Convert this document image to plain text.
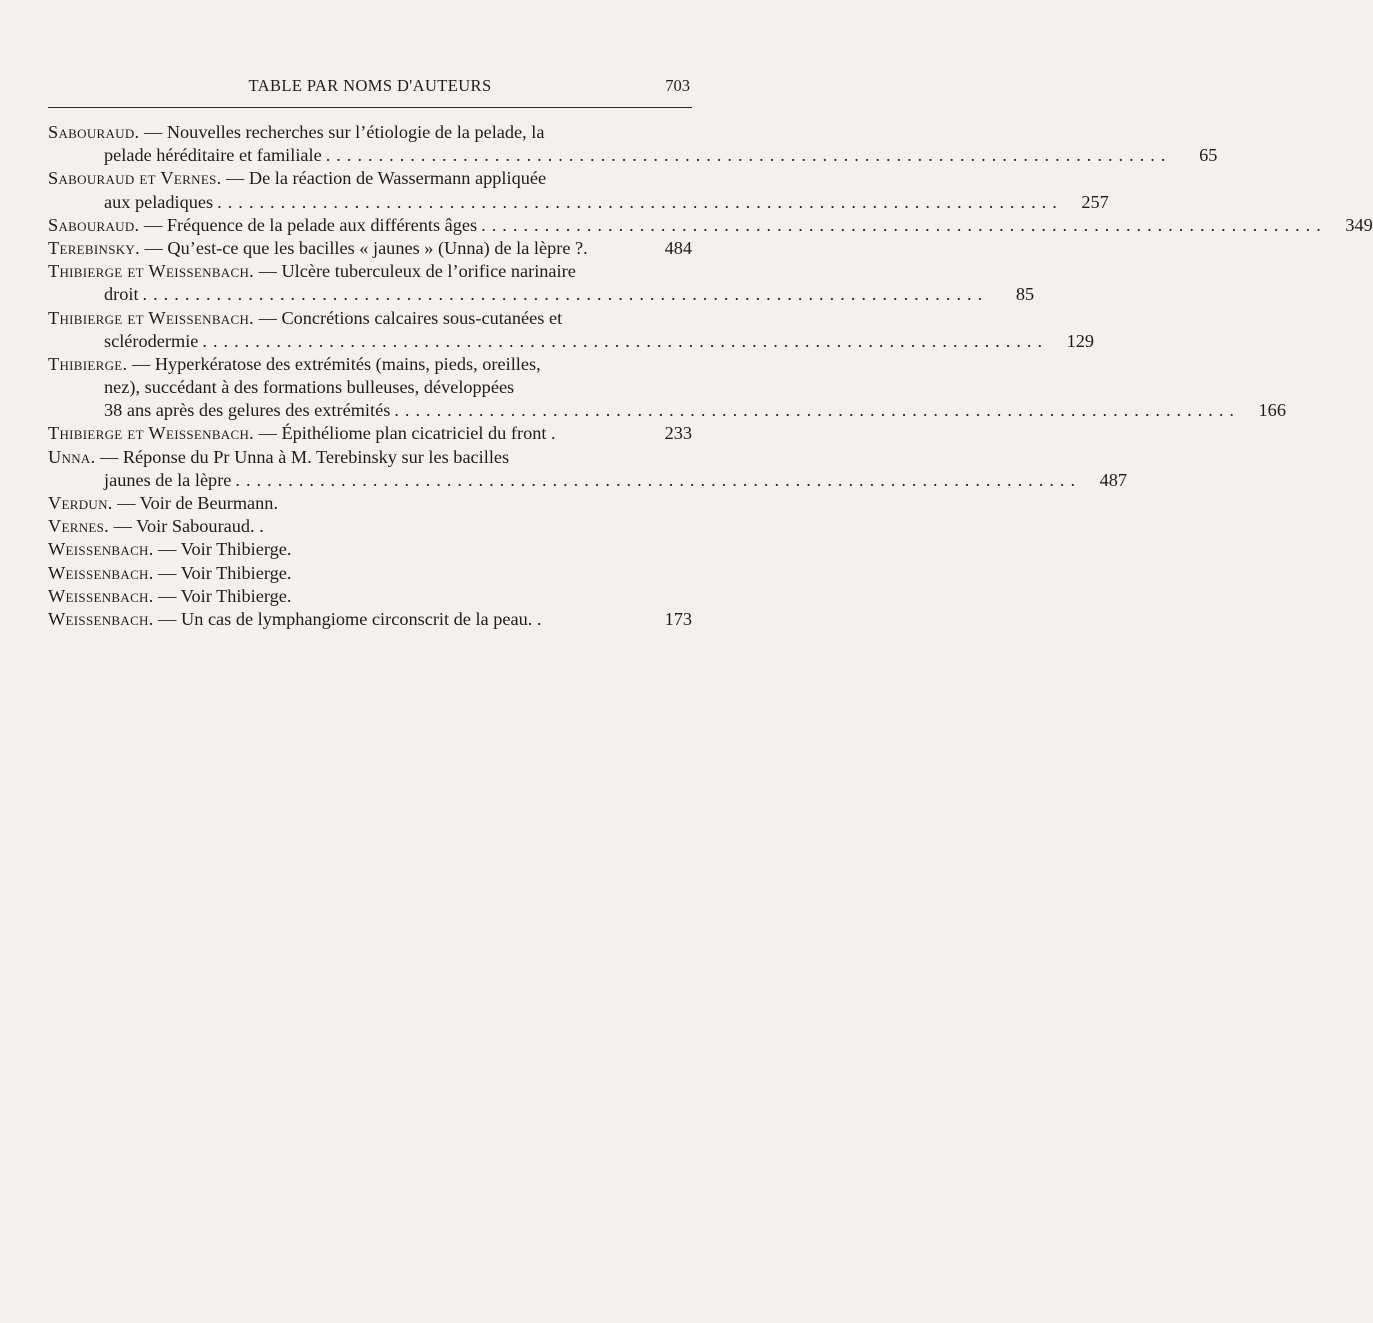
TABLE PAR NOMS D'AUTEURS	703
Sabouraud. — Nouvelles recherches sur l’étiologie de la pelade, la
pelade héréditaire et familiale ................................................................................	65
Sabouraud et Vernes. — De la réaction de Wassermann appliquée
aux peladiques ................................................................................	257
Sabouraud. — Fréquence de la pelade aux différents âges ................................................................................	349
Terebinsky. — Qu’est-ce que les bacilles « jaunes » (Unna) de la lèpre ?.	484
Thibierge et Weissenbach. — Ulcère tuberculeux de l’orifice narinaire
droit ................................................................................	85
Thibierge et Weissenbach. — Concrétions calcaires sous-cutanées et
sclérodermie ................................................................................	129
Thibierge. — Hyperkératose des extrémités (mains, pieds, oreilles,
nez), succédant à des formations bulleuses, développées
38 ans après des gelures des extrémités ................................................................................	166
Thibierge et Weissenbach. — Épithéliome plan cicatriciel du front .	233
Unna. — Réponse du Pr Unna à M. Terebinsky sur les bacilles
jaunes de la lèpre ................................................................................	487
Verdun. — Voir de Beurmann.
Vernes. — Voir Sabouraud. .
Weissenbach. — Voir Thibierge.
Weissenbach. — Voir Thibierge.
Weissenbach. — Voir Thibierge.
Weissenbach. — Un cas de lymphangiome circonscrit de la peau. .	173
